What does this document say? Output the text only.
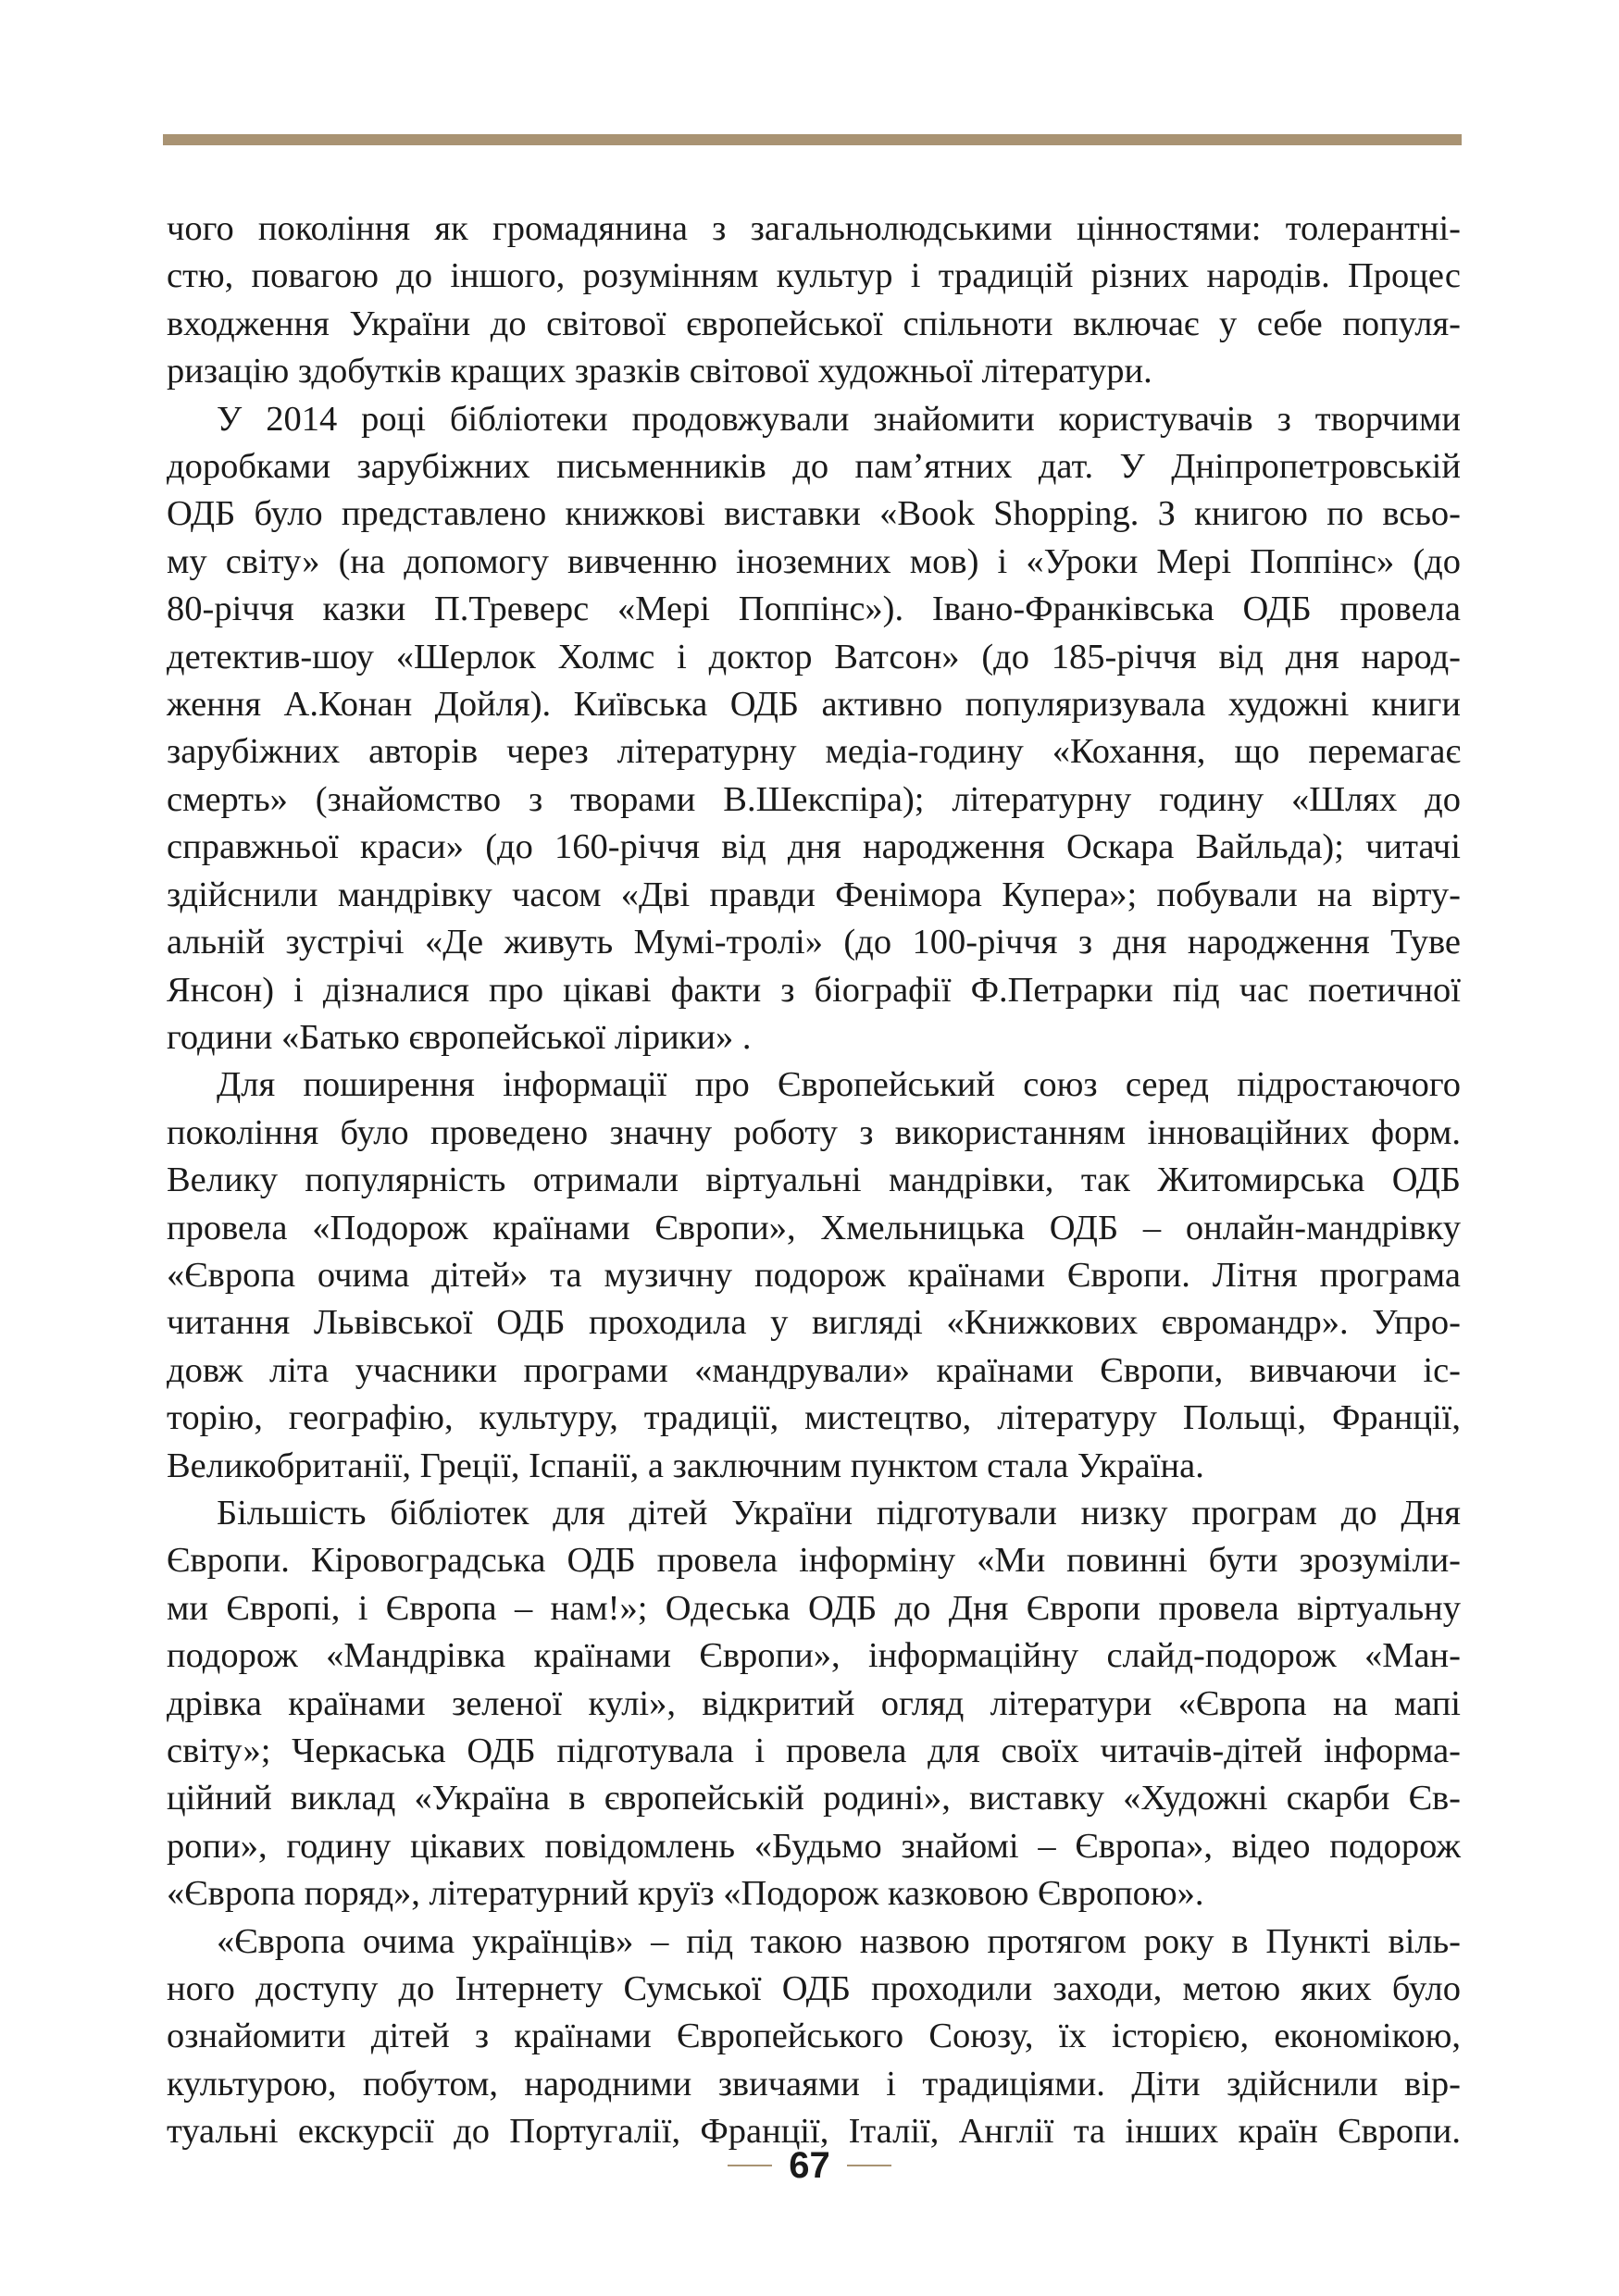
чого покоління як громадянина з загальнолюдськими цінностями: толерантні-

стю, повагою до іншого, розумінням культур і традицій різних народів. Процес

входження України до світової європейської спільноти включає у себе популя-

ризацію здобутків кращих зразків світової художньої літератури.

У 2014 році бібліотеки продовжували знайомити користувачів з творчими

доробками зарубіжних письменників до памʼятних дат. У Дніпропетровській

ОДБ було представлено книжкові виставки «Book Shopping. З книгою по всьо-

му світу» (на допомогу вивченню іноземних мов) і «Уроки Мері Поппінс» (до

80-річчя казки П.Треверс «Мері Поппінс»). Івано-Франківська ОДБ провела

детектив-шоу «Шерлок Холмс і доктор Ватсон» (до 185-річчя від дня народ-

ження А.Конан Дойля). Київська ОДБ активно популяризувала художні книги

зарубіжних авторів через літературну медіа-годину «Кохання, що перемагає

смерть» (знайомство з творами В.Шекспіра); літературну годину «Шлях до

справжньої краси» (до 160-річчя від дня народження Оскара Вайльда); читачі

здійснили мандрівку часом «Дві правди Фенімора Купера»; побували на вірту-

альній зустрічі «Де живуть Мумі-тролі» (до 100-річчя з дня народження Туве

Янсон) і дізналися про цікаві факти з біографії Ф.Петрарки під час поетичної

години «Батько європейської лірики» .

Для поширення інформації про Європейський союз серед підростаючого

покоління було проведено значну роботу з використанням інноваційних форм.

Велику популярність отримали віртуальні мандрівки, так Житомирська ОДБ

провела «Подорож країнами Європи», Хмельницька ОДБ – онлайн-мандрівку

«Європа очима дітей» та музичну подорож країнами Європи. Літня програма

читання Львівської ОДБ проходила у вигляді «Книжкових євромандр». Упро-

довж літа учасники програми «мандрували» країнами Європи, вивчаючи іс-

торію, географію, культуру, традиції, мистецтво, літературу Польщі, Франції,

Великобританії, Греції, Іспанії, а заключним пунктом стала Україна.

Більшість бібліотек для дітей України підготували низку програм до Дня

Європи. Кіровоградська ОДБ провела інформіну «Ми повинні бути зрозуміли-

ми Європі, і Європа – нам!»; Одеська ОДБ до Дня Європи провела віртуальну

подорож «Мандрівка країнами Європи», інформаційну слайд-подорож «Ман-

дрівка країнами зеленої кулі», відкритий огляд літератури «Європа на мапі

світу»; Черкаська ОДБ підготувала і провела для своїх читачів-дітей інформа-

ційний виклад «Україна в європейській родині», виставку «Художні скарби Єв-

ропи», годину цікавих повідомлень «Будьмо знайомі – Європа», відео подорож

«Європа поряд», літературний круїз «Подорож казковою Європою».

«Європа очима українців» – під такою назвою протягом року в Пункті віль-

ного доступу до Інтернету Сумської ОДБ проходили заходи, метою яких було

ознайомити дітей з країнами Європейського Союзу, їх історією, економікою,

культурою, побутом, народними звичаями і традиціями. Діти здійснили вір-

туальні екскурсії до Португалії, Франції, Італії, Англії та інших країн Європи.

67
